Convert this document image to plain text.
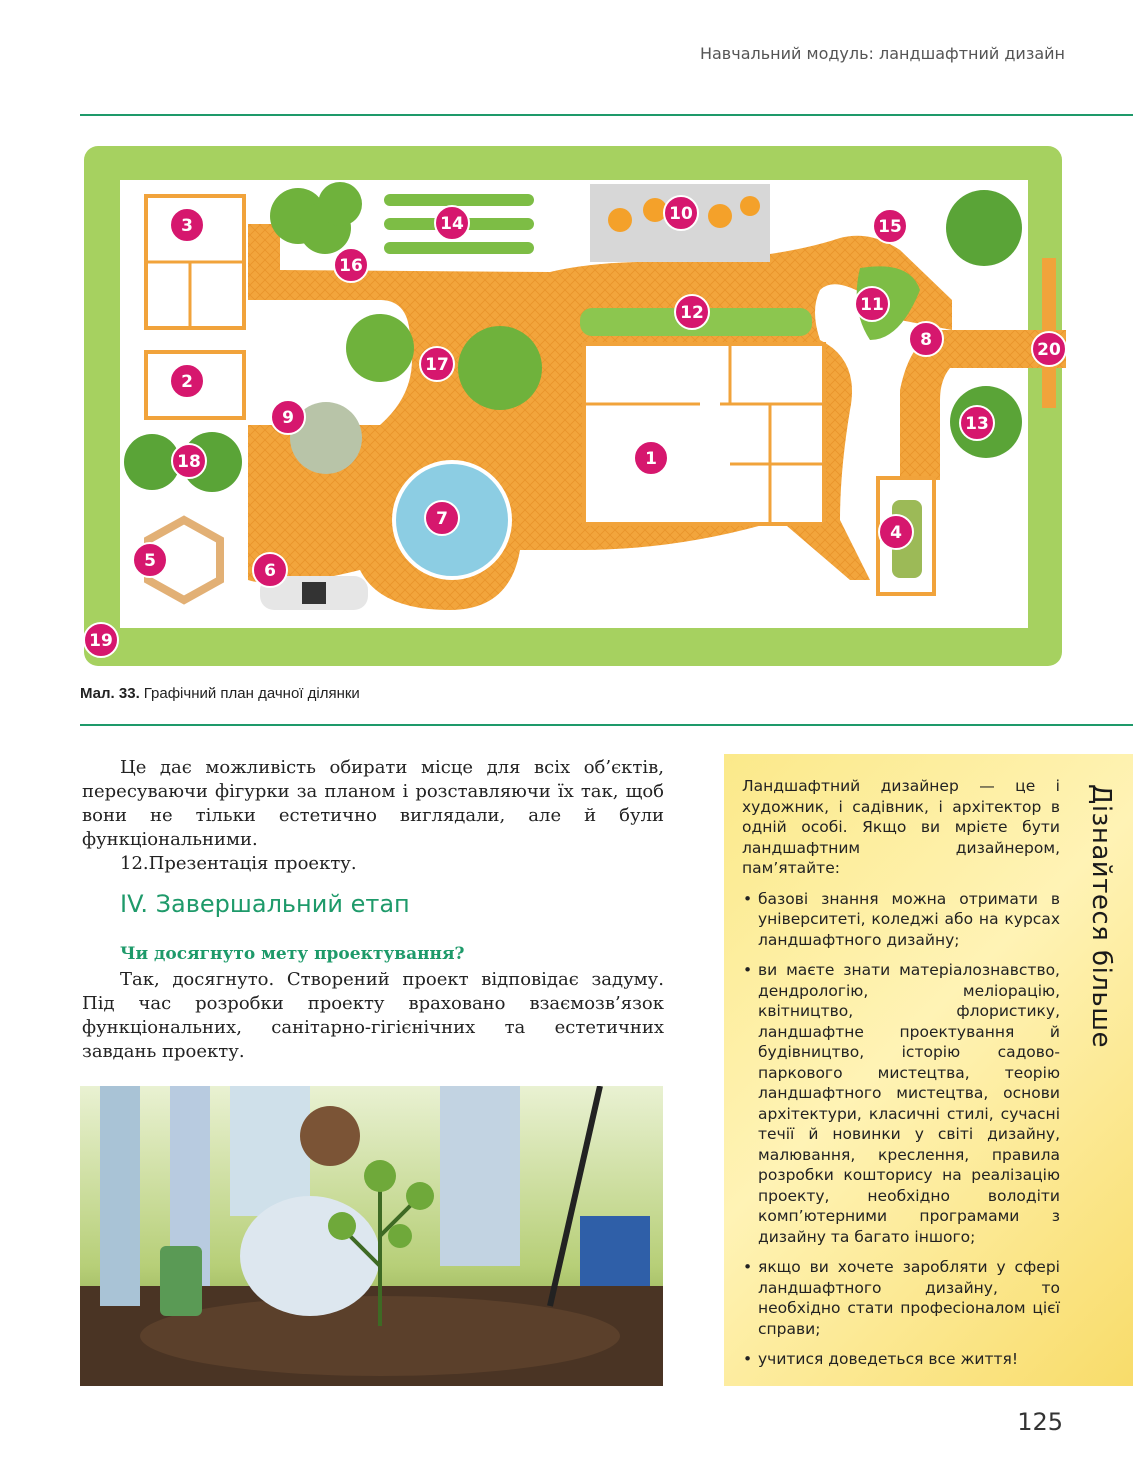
Навчальний модуль: ландшафтний дизайн
1
2
3
4
5	6
7
8
9
10
11
12
13
14	15
16
17
18
19
20
Мал. 33. Графічний план дачної ділянки

Це дає можливість обирати місце для всіх об’єктів, пересуваючи фігурки за планом і розставляючи їх так, щоб вони не тільки естетично виглядали, але й були функціональними.

12.Презентація проекту.

IV. Завершальний етап
Чи досягнуто мету проектування?

Так, досягнуто. Створений проект відповідає задуму. Під час розробки проекту враховано взаємозв’язок функціональних, санітарно-гігієнічних та естетичних завдань проекту.

Ландшафтний дизайнер — це і художник, і садівник, і архітектор в одній особі. Якщо ви мрієте бути ландшафтним дизайнером, пам’ятайте:

• базові знання можна отримати в університеті, коледжі або на курсах ландшафтного дизайну;
• ви маєте знати матеріалознавство, дендрологію, меліорацію, квітництво, флористику, ландшафтне проектування й будівництво, історію садово-паркового мистецтва, теорію ландшафтного мистецтва, основи архітектури, класичні стилі, сучасні течії й новинки у світі дизайну, малювання, креслення, правила розробки кошторису на реалізацію проекту, необхідно володіти комп’ютерними програмами з дизайну та багато іншого;
• якщо ви хочете заробляти у сфері ландшафтного дизайну, то необхідно стати професіоналом цієї справи;
• учитися доведеться все життя!
Дізнайтеся більше
125
